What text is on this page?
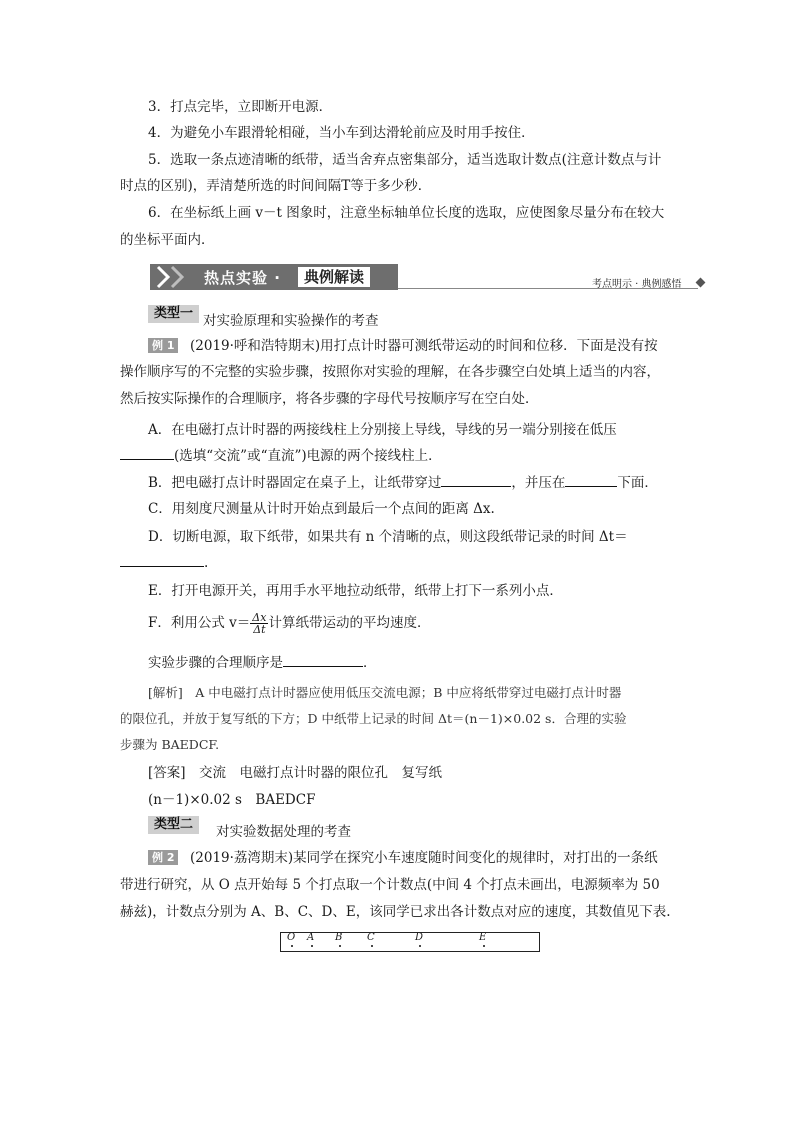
3．打点完毕，立即断开电源．
4．为避免小车跟滑轮相碰，当小车到达滑轮前应及时用手按住．
5．选取一条点迹清晰的纸带，适当舍弃点密集部分，适当选取计数点(注意计数点与计
时点的区别)，弄清楚所选的时间间隔T等于多少秒．
6．在坐标纸上画 v－t 图象时，注意坐标轴单位长度的选取，应使图象尽量分布在较大
的坐标平面内．
热点实验 ·	典例解读	考点明示 · 典例感悟
类型一 对实验原理和实验操作的考查
例 1 (2019·呼和浩特期末)用打点计时器可测纸带运动的时间和位移．下面是没有按
操作顺序写的不完整的实验步骤，按照你对实验的理解，在各步骤空白处填上适当的内容，
然后按实际操作的合理顺序，将各步骤的字母代号按顺序写在空白处．
A．在电磁打点计时器的两接线柱上分别接上导线，导线的另一端分别接在低压
(选填“交流”或“直流”)电源的两个接线柱上．
B．把电磁打点计时器固定在桌子上，让纸带穿过	，并压在	下面．
C．用刻度尺测量从计时开始点到最后一个点间的距离 Δx.
D．切断电源，取下纸带，如果共有 n 个清晰的点，则这段纸带记录的时间 Δt＝
.
E．打开电源开关，再用手水平地拉动纸带，纸带上打下一系列小点．
F．利用公式 $v= \frac{\Delta x}{\Delta t}$ 计算纸带运动的平均速度．
实验步骤的合理顺序是	．
[解析]　A 中电磁打点计时器应使用低压交流电源；B 中应将纸带穿过电磁打点计时器
的限位孔，并放于复写纸的下方；D 中纸带上记录的时间 Δt＝(n－1)×0.02 s．合理的实验
步骤为 BAEDCF.
[答案]　交流　电磁打点计时器的限位孔　复写纸
(n－1)×0.02 s　BAEDCF
类型二	对实验数据处理的考查
例 2 (2019·荔湾期末)某同学在探究小车速度随时间变化的规律时，对打出的一条纸
带进行研究，从 O 点开始每 5 个打点取一个计数点(中间 4 个打点未画出，电源频率为 50
赫兹)，计数点分别为 A、B、C、D、E，该同学已求出各计数点对应的速度，其数值见下表.
O A B C	D	E
